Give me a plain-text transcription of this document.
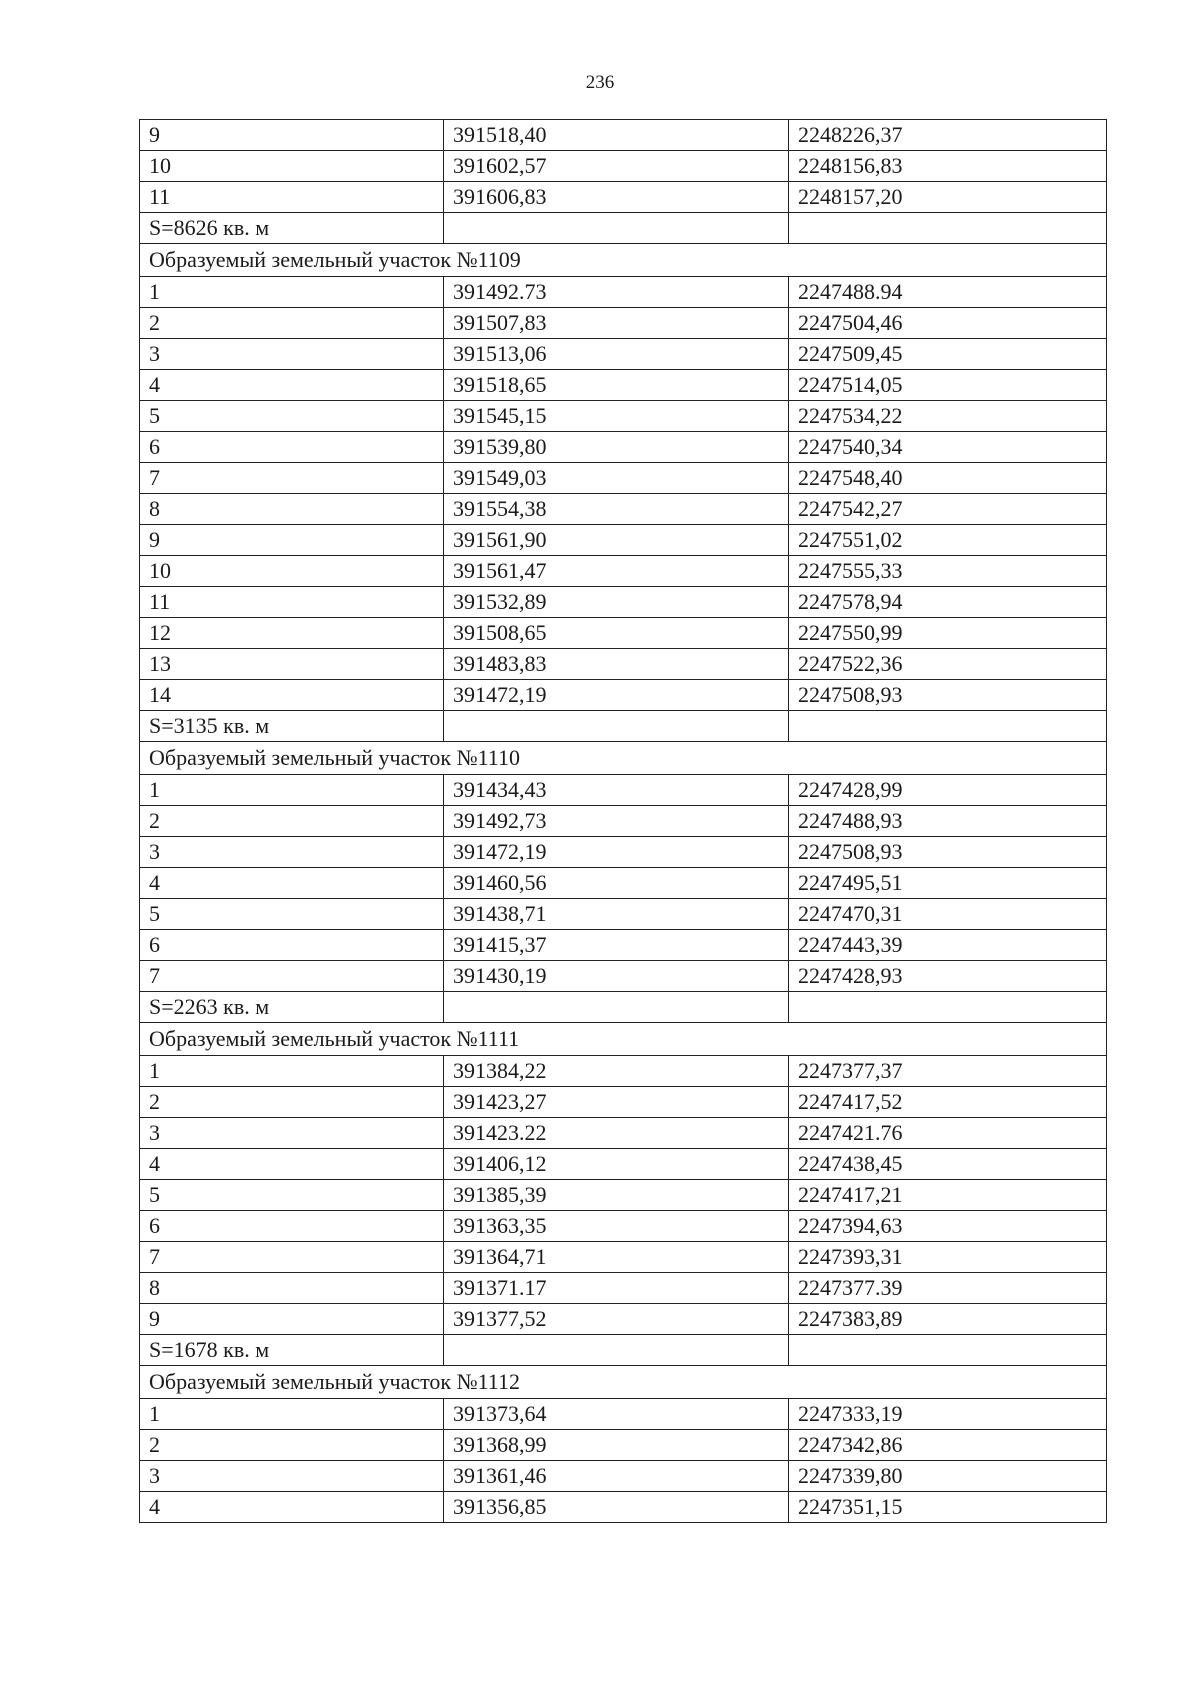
236
9	391518,40	2248226,37
10	391602,57	2248156,83
11	391606,83	2248157,20
S=8626 кв. м		
Образуемый земельный участок №1109		
1	391492.73	2247488.94
2	391507,83	2247504,46
3	391513,06	2247509,45
4	391518,65	2247514,05
5	391545,15	2247534,22
6	391539,80	2247540,34
7	391549,03	2247548,40
8	391554,38	2247542,27
9	391561,90	2247551,02
10	391561,47	2247555,33
11	391532,89	2247578,94
12	391508,65	2247550,99
13	391483,83	2247522,36
14	391472,19	2247508,93
S=3135 кв. м		
Образуемый земельный участок №1110		
1	391434,43	2247428,99
2	391492,73	2247488,93
3	391472,19	2247508,93
4	391460,56	2247495,51
5	391438,71	2247470,31
6	391415,37	2247443,39
7	391430,19	2247428,93
S=2263 кв. м		
Образуемый земельный участок №1111		
1	391384,22	2247377,37
2	391423,27	2247417,52
3	391423.22	2247421.76
4	391406,12	2247438,45
5	391385,39	2247417,21
6	391363,35	2247394,63
7	391364,71	2247393,31
8	391371.17	2247377.39
9	391377,52	2247383,89
S=1678 кв. м		
Образуемый земельный участок №1112		
1	391373,64	2247333,19
2	391368,99	2247342,86
3	391361,46	2247339,80
4	391356,85	2247351,15
